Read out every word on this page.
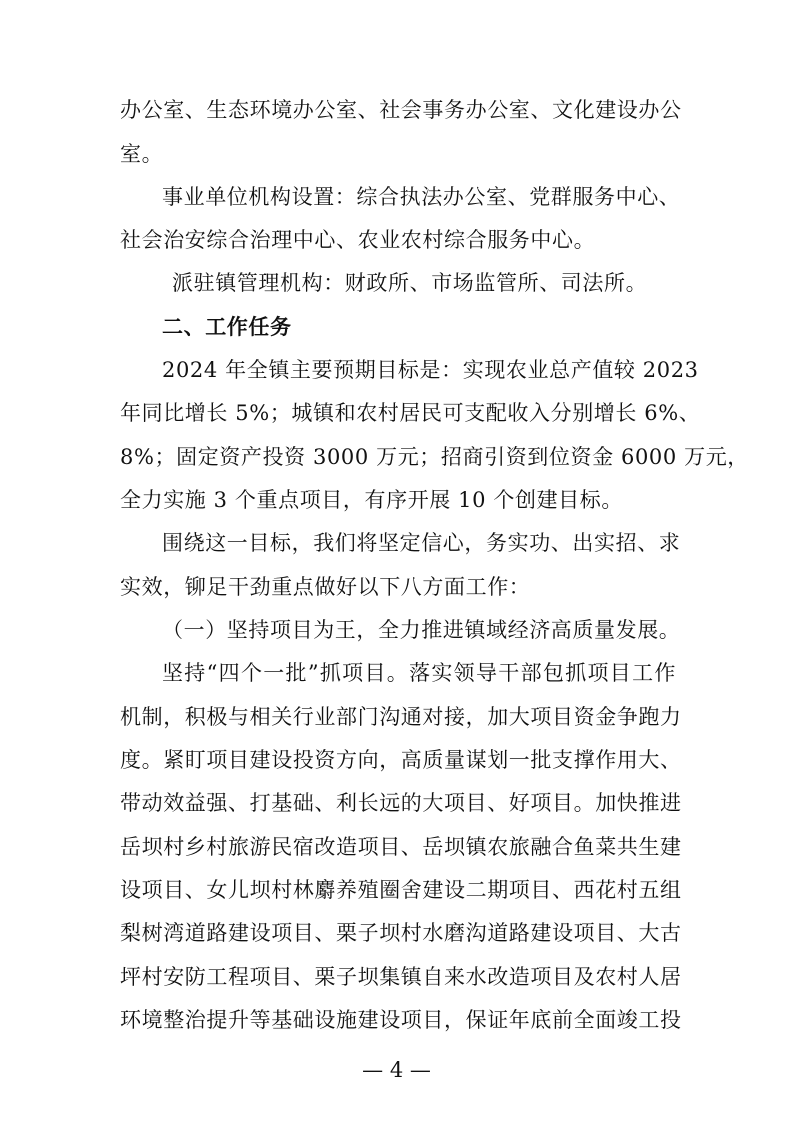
办公室、生态环境办公室、社会事务办公室、文化建设办公
室。
事业单位机构设置：综合执法办公室、党群服务中心、
社会治安综合治理中心、农业农村综合服务中心。
派驻镇管理机构：财政所、市场监管所、司法所。
二、工作任务
2024 年全镇主要预期目标是：实现农业总产值较 2023
年同比增长 5%；城镇和农村居民可支配收入分别增长 6%、
8%；固定资产投资 3000 万元；招商引资到位资金 6000 万元，
全力实施 3 个重点项目，有序开展 10 个创建目标。
围绕这一目标，我们将坚定信心，务实功、出实招、求
实效，铆足干劲重点做好以下八方面工作：
（一）坚持项目为王，全力推进镇域经济高质量发展。
坚持“四个一批”抓项目。落实领导干部包抓项目工作
机制，积极与相关行业部门沟通对接，加大项目资金争跑力
度。紧盯项目建设投资方向，高质量谋划一批支撑作用大、
带动效益强、打基础、利长远的大项目、好项目。加快推进
岳坝村乡村旅游民宿改造项目、岳坝镇农旅融合鱼菜共生建
设项目、女儿坝村林麝养殖圈舍建设二期项目、西花村五组
梨树湾道路建设项目、栗子坝村水磨沟道路建设项目、大古
坪村安防工程项目、栗子坝集镇自来水改造项目及农村人居
环境整治提升等基础设施建设项目，保证年底前全面竣工投
— 4 —
